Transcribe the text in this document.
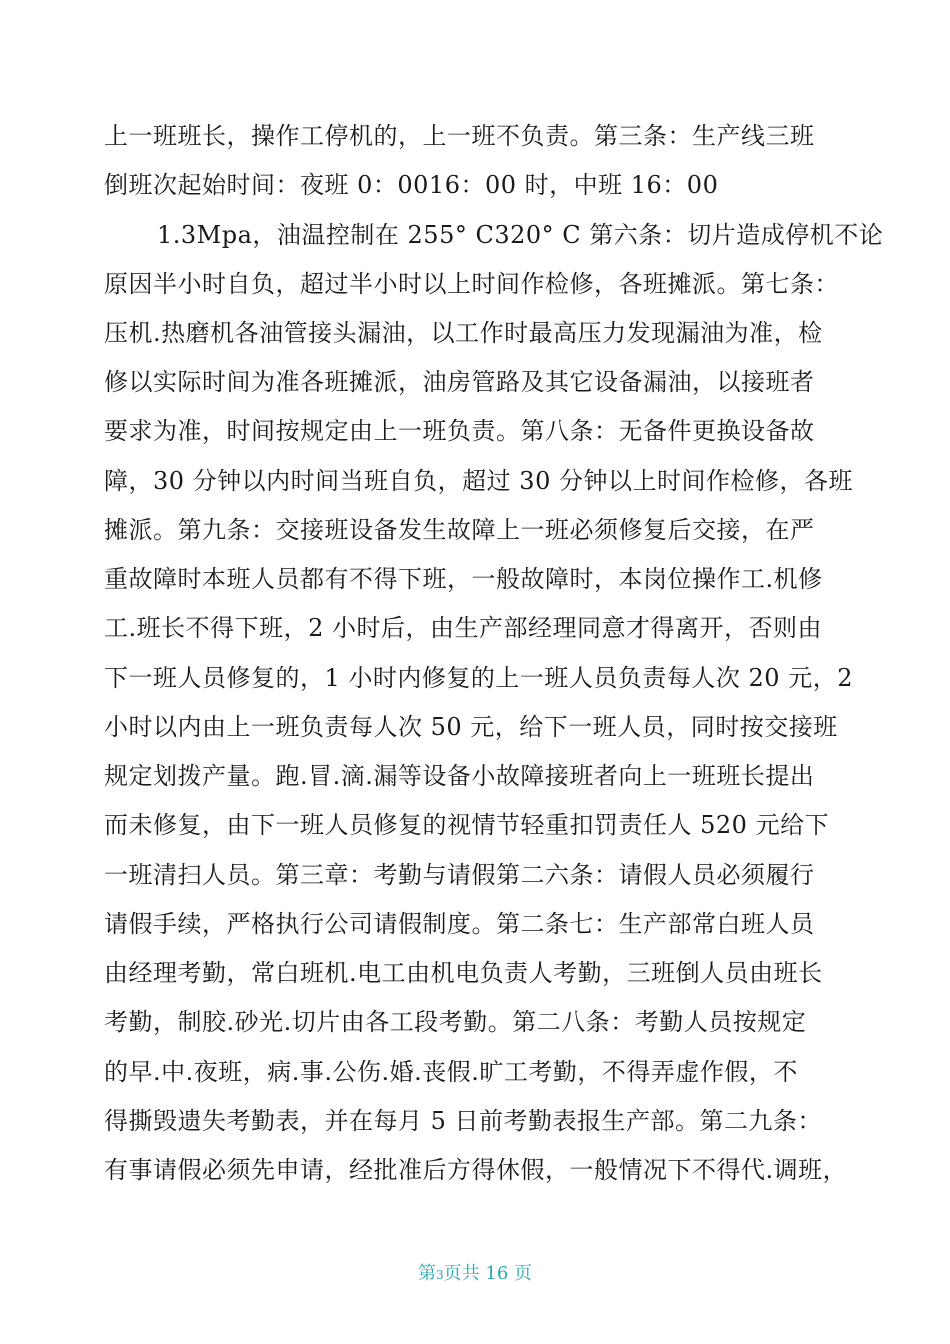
上一班班长，操作工停机的，上一班不负责。第三条：生产线三班
倒班次起始时间：夜班 0：0016：00 时，中班 16：00
1.3Mpa，油温控制在 255° C320° C 第六条：切片造成停机不论
原因半小时自负，超过半小时以上时间作检修，各班摊派。第七条：
压机.热磨机各油管接头漏油，以工作时最高压力发现漏油为准，检
修以实际时间为准各班摊派，油房管路及其它设备漏油，以接班者
要求为准，时间按规定由上一班负责。第八条：无备件更换设备故
障，30 分钟以内时间当班自负，超过 30 分钟以上时间作检修，各班
摊派。第九条：交接班设备发生故障上一班必须修复后交接，在严
重故障时本班人员都有不得下班，一般故障时，本岗位操作工.机修
工.班长不得下班，2 小时后，由生产部经理同意才得离开，否则由
下一班人员修复的，1 小时内修复的上一班人员负责每人次 20 元，2
小时以内由上一班负责每人次 50 元，给下一班人员，同时按交接班
规定划拨产量。跑.冒.滴.漏等设备小故障接班者向上一班班长提出
而未修复，由下一班人员修复的视情节轻重扣罚责任人 520 元给下
一班清扫人员。第三章：考勤与请假第二六条：请假人员必须履行
请假手续，严格执行公司请假制度。第二条七：生产部常白班人员
由经理考勤，常白班机.电工由机电负责人考勤，三班倒人员由班长
考勤，制胶.砂光.切片由各工段考勤。第二八条：考勤人员按规定
的早.中.夜班，病.事.公伤.婚.丧假.旷工考勤，不得弄虚作假，不
得撕毁遗失考勤表，并在每月 5 日前考勤表报生产部。第二九条：
有事请假必须先申请，经批准后方得休假，一般情况下不得代.调班，
第3页共 16 页
